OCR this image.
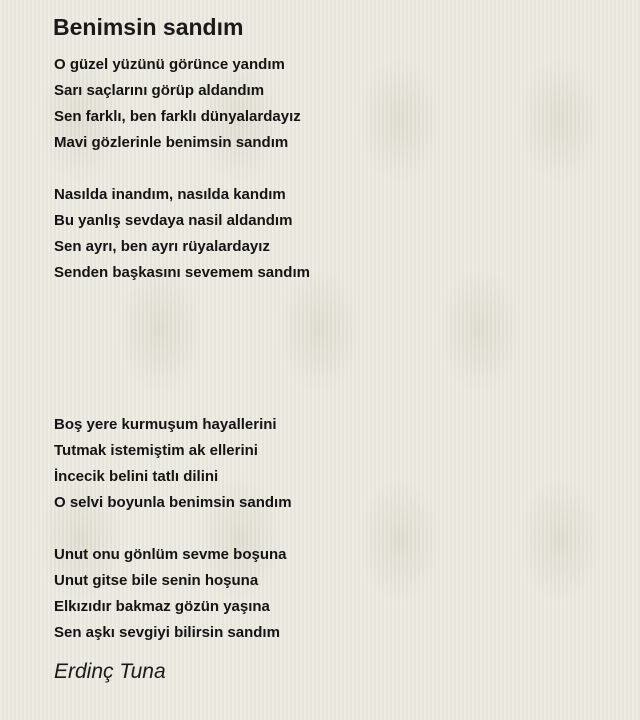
Benimsin sandım
O güzel yüzünü görünce yandım
Sarı saçlarını görüp aldandım
Sen farklı, ben farklı dünyalardayız
Mavi gözlerinle benimsin sandım
Nasılda inandım, nasılda kandım
Bu yanlış sevdaya nasil aldandım
Sen ayrı, ben ayrı rüyalardayız
Senden başkasını sevemem sandım
Boş yere kurmuşum hayallerini
Tutmak istemiştim ak ellerini
İncecik belini tatlı dilini
O selvi boyunla benimsin sandım
Unut onu gönlüm sevme boşuna
Unut gitse bile senin hoşuna
Elkızıdır bakmaz gözün yaşına
Sen aşkı sevgiyi bilirsin sandım

Erdinç Tuna
